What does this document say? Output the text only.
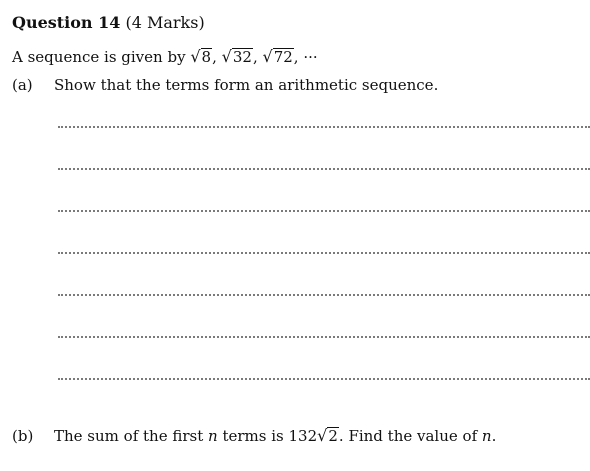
Question 14 (4 Marks)
A sequence is given by √8, √32, √72, ···
(a) Show that the terms form an arithmetic sequence.
(b) The sum of the first n terms is 132√2. Find the value of n.
